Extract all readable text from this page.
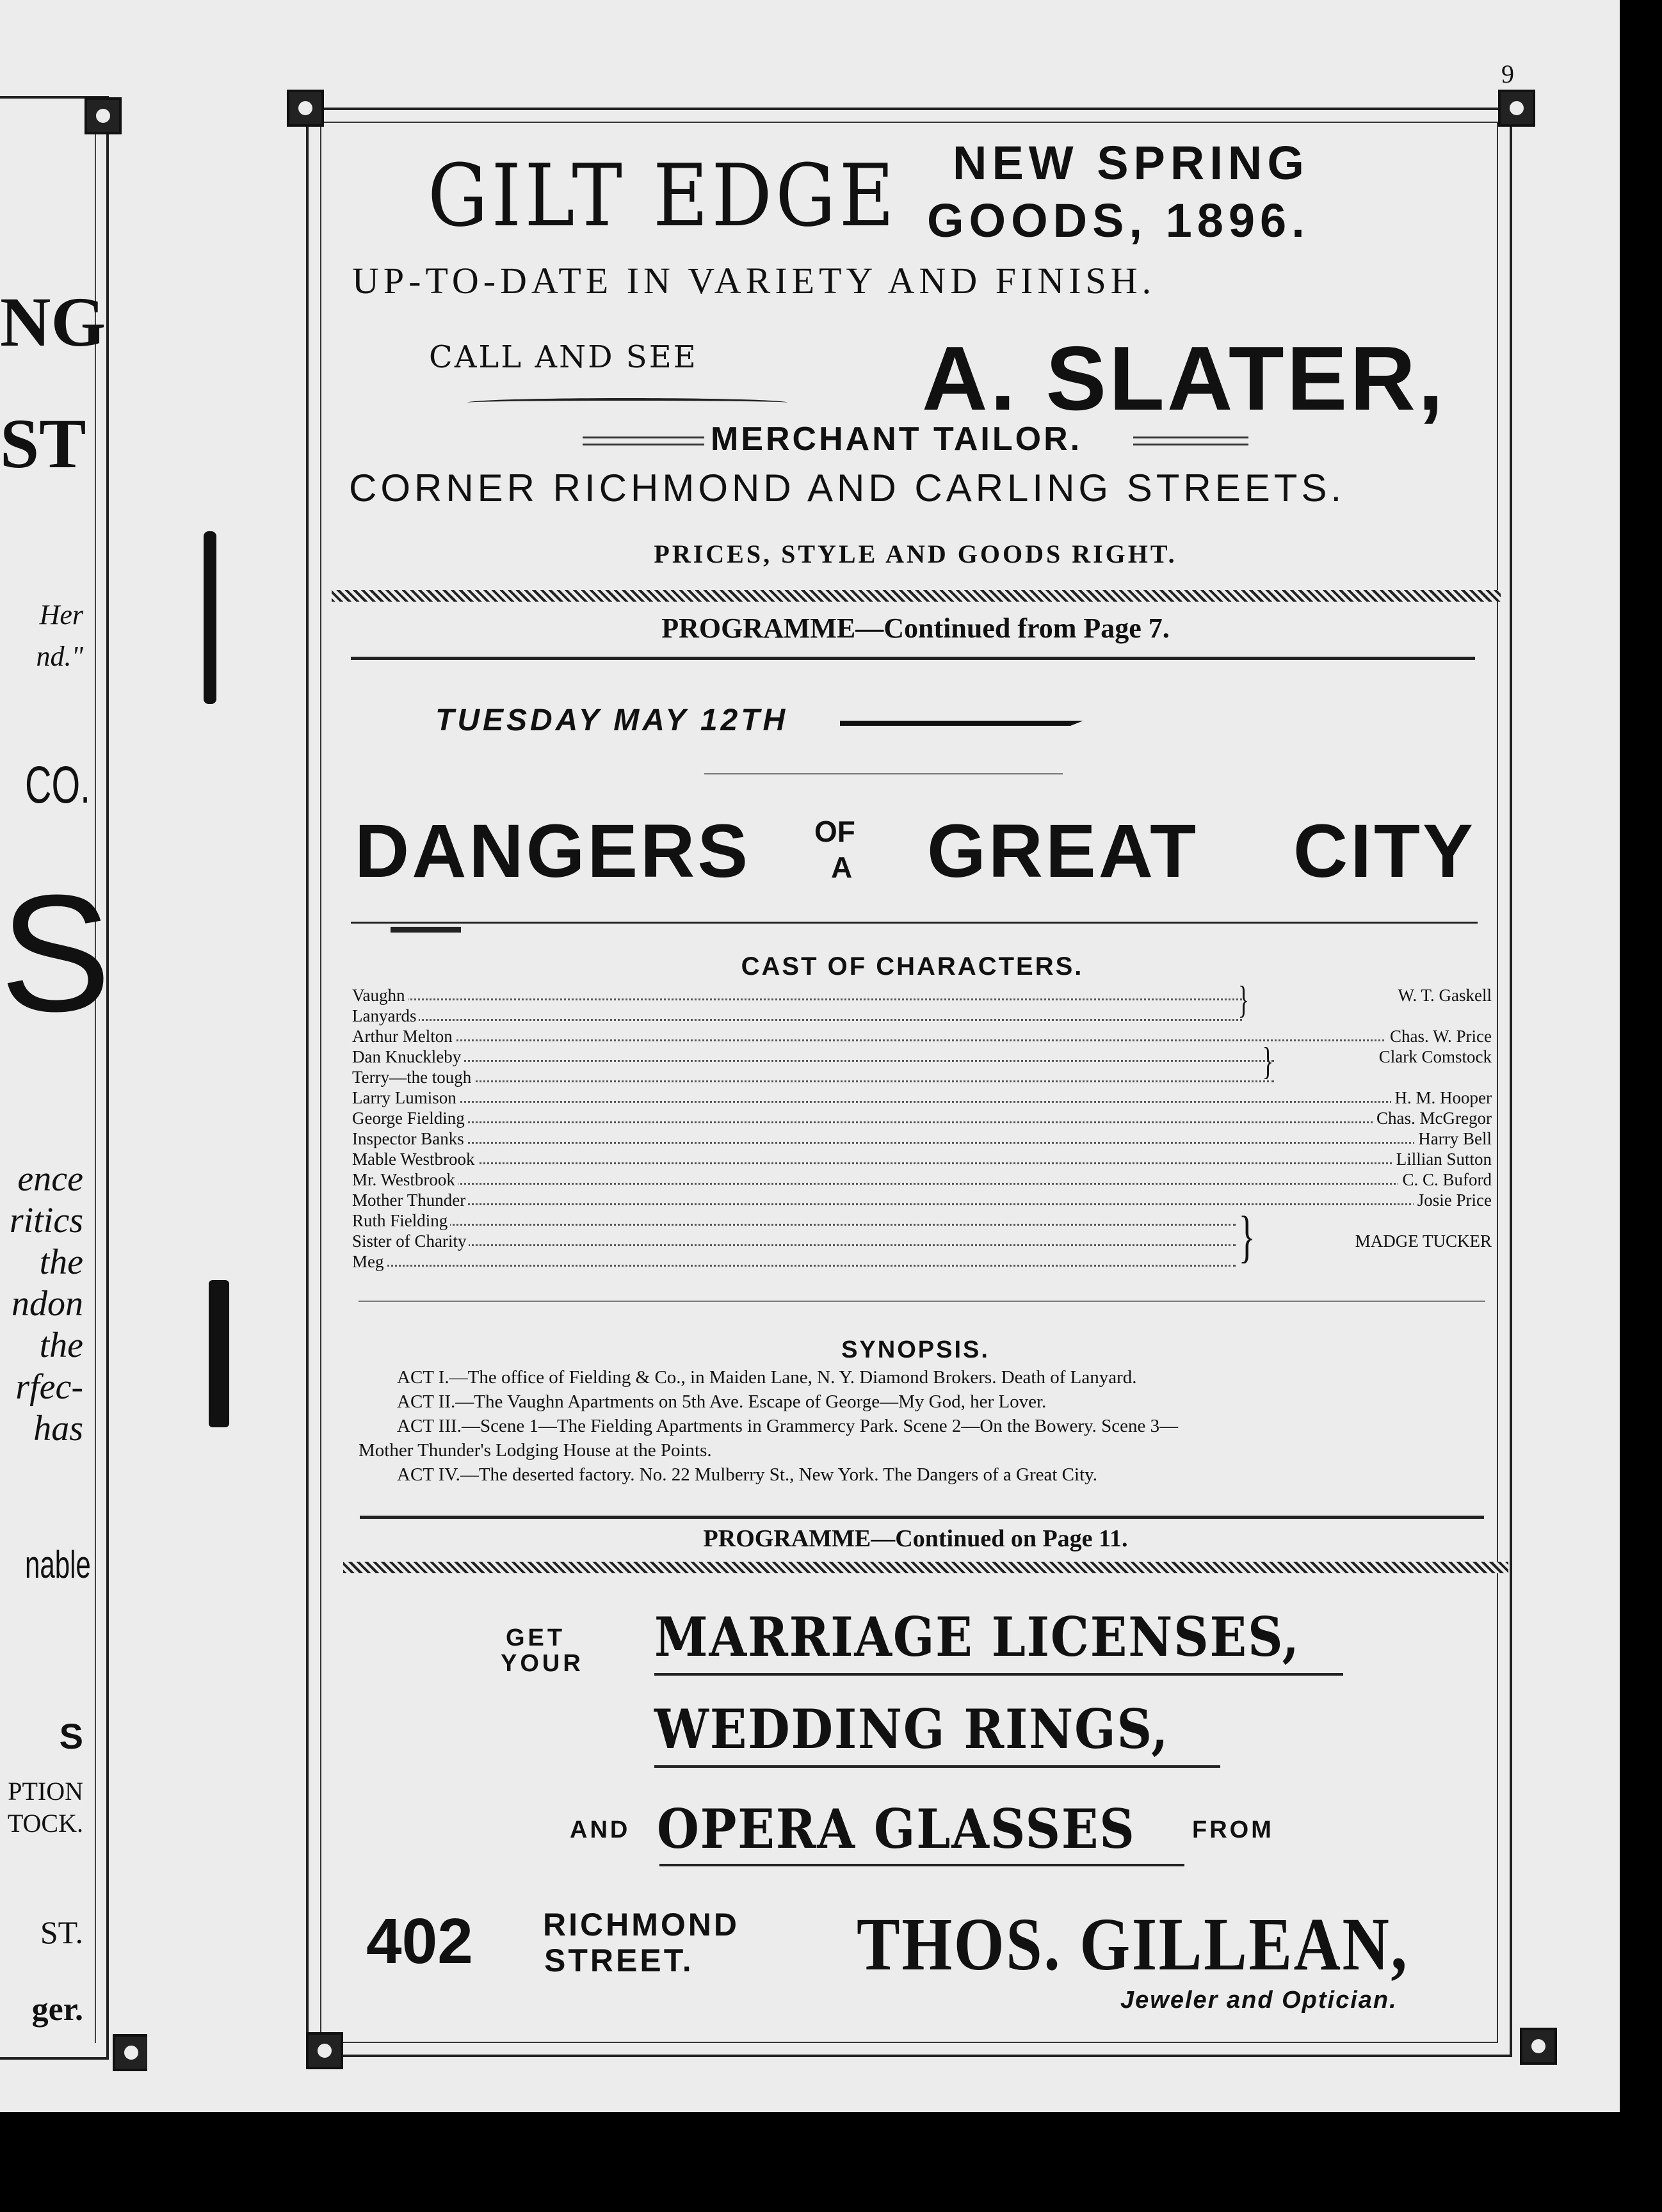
NG
ST
Her
nd."
CO.
S
ence
ritics
the
ndon
the
rfec-
has
nable
S
PTION
TOCK.
ST.
ger.
9
GILT EDGE NEW SPRING
GOODS, 1896.
UP-TO-DATE IN VARIETY AND FINISH.
CALL AND SEE A. SLATER,
MERCHANT TAILOR.
CORNER RICHMOND AND CARLING STREETS.
PRICES, STYLE AND GOODS RIGHT.
PROGRAMME—Continued from Page 7.
TUESDAY MAY 12TH
DANGERS OF
A GREAT CITY
CAST OF CHARACTERS.
Vaughn	W. T. Gaskell
Lanyards
Arthur Melton	Chas. W. Price
Dan Knuckleby	Clark Comstock
Terry—the tough
Larry Lumison	H. M. Hooper
George Fielding	Chas. McGregor
Inspector Banks	Harry Bell
Mable Westbrook	Lillian Sutton
Mr. Westbrook	C. C. Buford
Mother Thunder	Josie Price
Ruth Fielding
Sister of Charity	MADGE TUCKER
Meg
}
}
}
SYNOPSIS.
ACT I.—The office of Fielding & Co., in Maiden Lane, N. Y. Diamond Brokers. Death of Lanyard.
ACT II.—The Vaughn Apartments on 5th Ave. Escape of George—My God, her Lover.
ACT III.—Scene 1—The Fielding Apartments in Grammercy Park. Scene 2—On the Bowery. Scene 3—
Mother Thunder's Lodging House at the Points.
ACT IV.—The deserted factory. No. 22 Mulberry St., New York. The Dangers of a Great City.
PROGRAMME—Continued on Page 11.
GET
YOUR MARRIAGE LICENSES,
WEDDING RINGS,
AND OPERA GLASSES FROM
402 RICHMOND
STREET. THOS. GILLEAN,
Jeweler and Optician.
